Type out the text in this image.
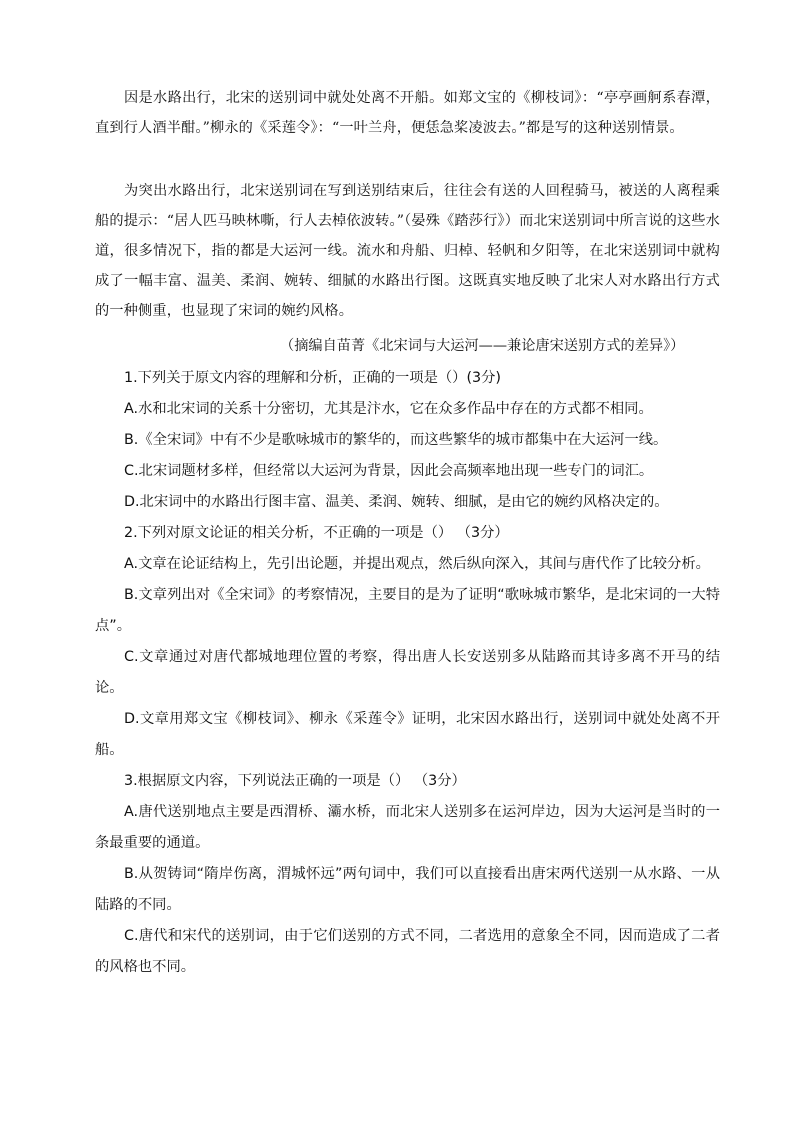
因是水路出行，北宋的送别词中就处处离不开船。如郑文宝的《柳枝词》：“亭亭画舸系春潭，直到行人酒半酣。”柳永的《采莲令》：“一叶兰舟，便恁急桨凌波去。”都是写的这种送别情景。

为突出水路出行，北宋送别词在写到送别结束后，往往会有送的人回程骑马，被送的人离程乘船的提示：“居人匹马映林嘶，行人去棹依波转。”（晏殊《踏莎行》）而北宋送别词中所言说的这些水道，很多情况下，指的都是大运河一线。流水和舟船、归棹、轻帆和夕阳等，在北宋送别词中就构成了一幅丰富、温美、柔润、婉转、细腻的水路出行图。这既真实地反映了北宋人对水路出行方式的一种侧重，也显现了宋词的婉约风格。

（摘编自苗菁《北宋词与大运河——兼论唐宋送别方式的差异》）

1.下列关于原文内容的理解和分析，正确的一项是（）(3分)

A.水和北宋词的关系十分密切，尤其是汴水，它在众多作品中存在的方式都不相同。

B.《全宋词》中有不少是歌咏城市的繁华的，而这些繁华的城市都集中在大运河一线。

C.北宋词题材多样，但经常以大运河为背景，因此会高频率地出现一些专门的词汇。

D.北宋词中的水路出行图丰富、温美、柔润、婉转、细腻，是由它的婉约风格决定的。

2.下列对原文论证的相关分析，不正确的一项是（） （3分）

A.文章在论证结构上，先引出论题，并提出观点，然后纵向深入，其间与唐代作了比较分析。

B.文章列出对《全宋词》的考察情况，主要目的是为了证明“歌咏城市繁华，是北宋词的一大特点”。

C.文章通过对唐代都城地理位置的考察，得出唐人长安送别多从陆路而其诗多离不开马的结论。

D.文章用郑文宝《柳枝词》、柳永《采莲令》证明，北宋因水路出行，送别词中就处处离不开船。

3.根据原文内容，下列说法正确的一项是（） （3分）

A.唐代送别地点主要是西渭桥、灞水桥，而北宋人送别多在运河岸边，因为大运河是当时的一条最重要的通道。

B.从贺铸词“隋岸伤离，渭城怀远”两句词中，我们可以直接看出唐宋两代送别一从水路、一从陆路的不同。

C.唐代和宋代的送别词，由于它们送别的方式不同，二者选用的意象全不同，因而造成了二者的风格也不同。
